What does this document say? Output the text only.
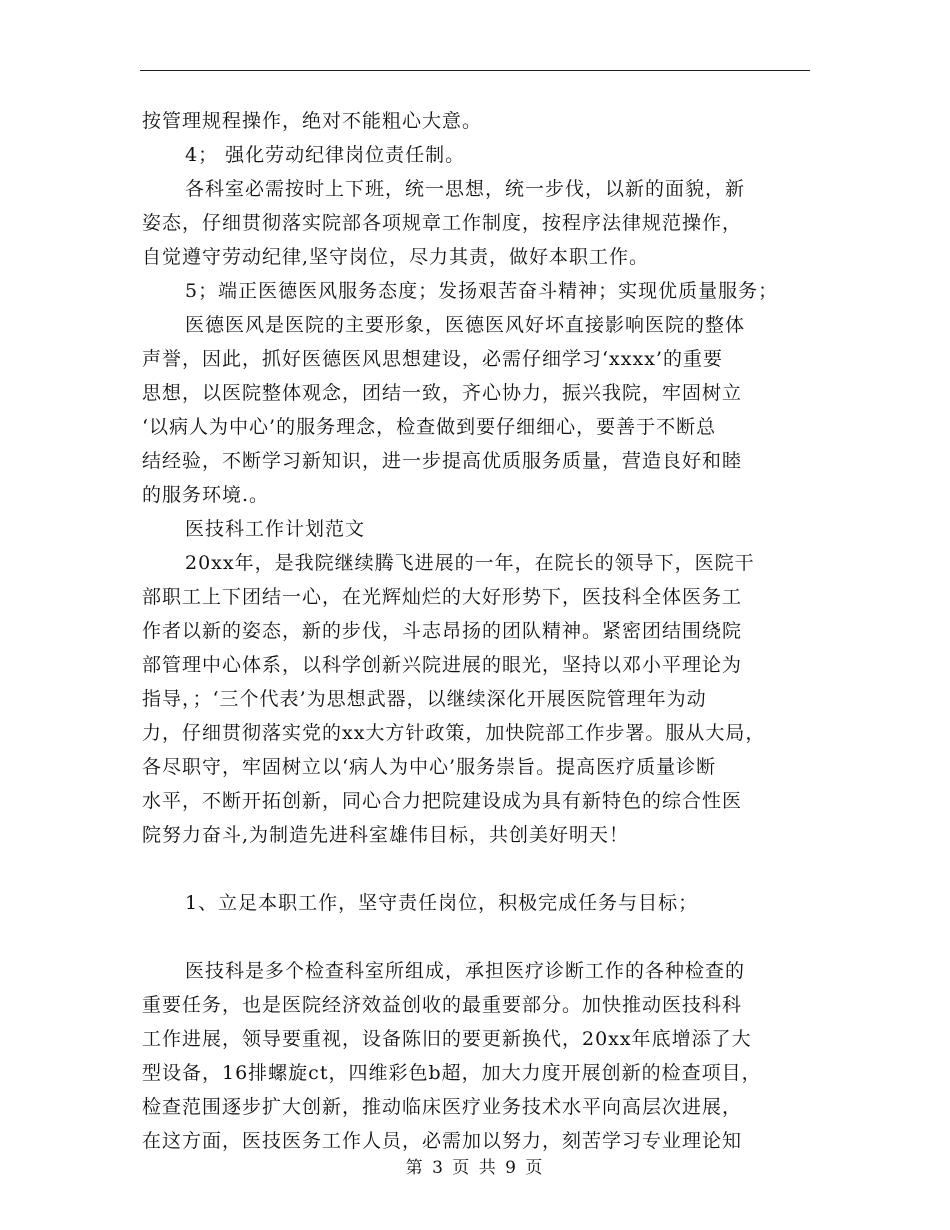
按管理规程操作，绝对不能粗心大意。
4； 强化劳动纪律岗位责任制。
各科室必需按时上下班，统一思想，统一步伐，以新的面貌，新
姿态，仔细贯彻落实院部各项规章工作制度，按程序法律规范操作，
自觉遵守劳动纪律,坚守岗位，尽力其责，做好本职工作。
5；端正医德医风服务态度；发扬艰苦奋斗精神；实现优质量服务；
医德医风是医院的主要形象，医德医风好坏直接影响医院的整体
声誉，因此，抓好医德医风思想建设，必需仔细学习‘xxxx’的重要
思想，以医院整体观念，团结一致，齐心协力，振兴我院，牢固树立
‘以病人为中心’的服务理念，检查做到要仔细细心，要善于不断总
结经验，不断学习新知识，进一步提高优质服务质量，营造良好和睦
的服务环境.。
医技科工作计划范文
20xx年，是我院继续腾飞进展的一年，在院长的领导下，医院干
部职工上下团结一心，在光辉灿烂的大好形势下，医技科全体医务工
作者以新的姿态，新的步伐，斗志昂扬的团队精神。紧密团结围绕院
部管理中心体系，以科学创新兴院进展的眼光，坚持以邓小平理论为
指导，；‘三个代表’为思想武器，以继续深化开展医院管理年为动
力，仔细贯彻落实党的xx大方针政策，加快院部工作步署。服从大局，
各尽职守，牢固树立以‘病人为中心’服务崇旨。提高医疗质量诊断
水平，不断开拓创新，同心合力把院建设成为具有新特色的综合性医
院努力奋斗,为制造先进科室雄伟目标，共创美好明天！
1、立足本职工作，坚守责任岗位，积极完成任务与目标；
医技科是多个检查科室所组成，承担医疗诊断工作的各种检查的
重要任务，也是医院经济效益创收的最重要部分。加快推动医技科科
工作进展，领导要重视，设备陈旧的要更新换代，20xx年底增添了大
型设备，16排螺旋ct，四维彩色b超，加大力度开展创新的检查项目，
检查范围逐步扩大创新，推动临床医疗业务技术水平向高层次进展，
在这方面，医技医务工作人员，必需加以努力，刻苦学习专业理论知
第 3 页 共 9 页
